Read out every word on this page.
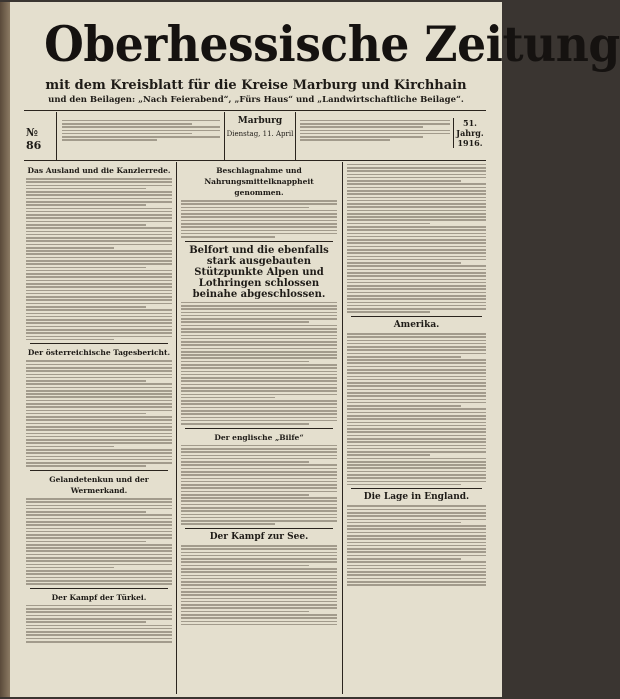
Oberhessische Zeitung
mit dem Kreisblatt für die Kreise Marburg und Kirchhain
und den Beilagen: „Nach Feierabend“, „Fürs Haus“ und „Landwirtschaftliche Beilage“.
№ 86
Marburg
Dienstag, 11. April
51. Jahrg.
1916.
Das Ausland und die Kanzlerrede.
Der österreichische Tagesbericht.
Gelandetenkun und der Wermerkand.
Der Kampf der Türkei.
Beschlagnahme und Nahrungsmittelknappheit genommen.
Belfort und die ebenfalls stark ausgebauten Stützpunkte Alpen und Lothringen schlossen beinahe abgeschlossen.
Der englische „Bilfe“
Der Kampf zur See.
Amerika.
Die Lage in England.
